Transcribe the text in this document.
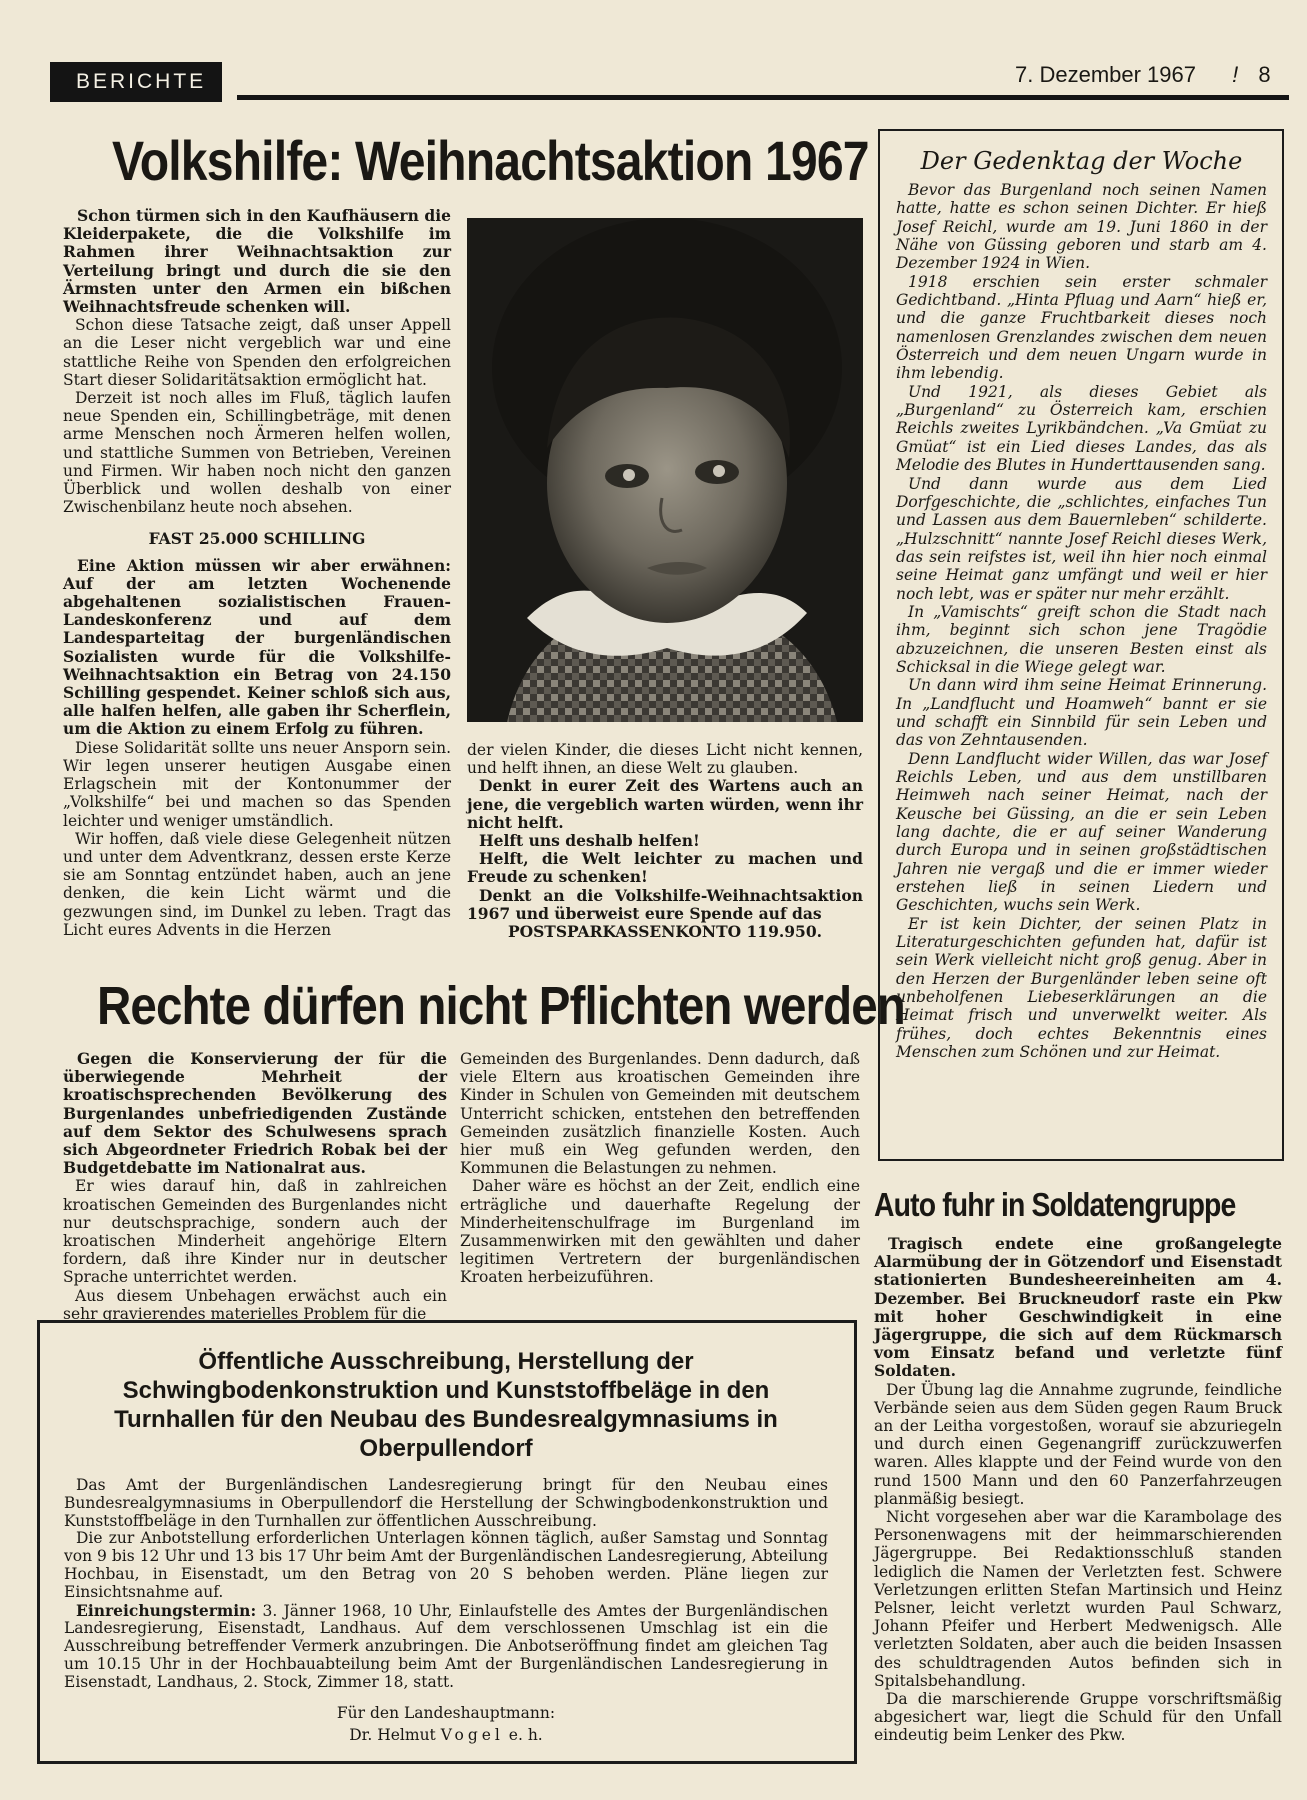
BERICHTE	7. Dezember 1967 ! 8
Volkshilfe: Weihnachtsaktion 1967

Schon türmen sich in den Kaufhäusern die Kleiderpakete, die die Volkshilfe im Rahmen ihrer Weihnachtsaktion zur Verteilung bringt und durch die sie den Ärmsten unter den Armen ein bißchen Weihnachtsfreude schenken will.

Schon diese Tatsache zeigt, daß unser Appell an die Leser nicht vergeblich war und eine stattliche Reihe von Spenden den erfolgreichen Start dieser Solidaritätsaktion ermöglicht hat.

Derzeit ist noch alles im Fluß, täglich laufen neue Spenden ein, Schillingbeträge, mit denen arme Menschen noch Ärmeren helfen wollen, und stattliche Summen von Betrieben, Vereinen und Firmen. Wir haben noch nicht den ganzen Überblick und wollen deshalb von einer Zwischenbilanz heute noch absehen.

FAST 25.000 SCHILLING

Eine Aktion müssen wir aber erwähnen: Auf der am letzten Wochenende abgehaltenen sozialistischen Frauen-Landeskonferenz und auf dem Landesparteitag der burgenländischen Sozialisten wurde für die Volkshilfe-Weihnachtsaktion ein Betrag von 24.150 Schilling gespendet. Keiner schloß sich aus, alle halfen helfen, alle gaben ihr Scherflein, um die Aktion zu einem Erfolg zu führen.

Diese Solidarität sollte uns neuer Ansporn sein. Wir legen unserer heutigen Ausgabe einen Erlagschein mit der Kontonummer der „Volkshilfe“ bei und machen so das Spenden leichter und weniger umständlich.

Wir hoffen, daß viele diese Gelegenheit nützen und unter dem Adventkranz, dessen erste Kerze sie am Sonntag entzündet haben, auch an jene denken, die kein Licht wärmt und die gezwungen sind, im Dunkel zu leben. Tragt das Licht eures Advents in die Herzen

der vielen Kinder, die dieses Licht nicht kennen, und helft ihnen, an diese Welt zu glauben.

Denkt in eurer Zeit des Wartens auch an jene, die vergeblich warten würden, wenn ihr nicht helft.

Helft uns deshalb helfen!

Helft, die Welt leichter zu machen und Freude zu schenken!

Denkt an die Volkshilfe-Weihnachtsaktion 1967 und überweist eure Spende auf das

POSTSPARKASSENKONTO 119.950.

Der Gedenktag der Woche

Bevor das Burgenland noch seinen Namen hatte, hatte es schon seinen Dichter. Er hieß Josef Reichl, wurde am 19. Juni 1860 in der Nähe von Güssing geboren und starb am 4. Dezember 1924 in Wien.

1918 erschien sein erster schmaler Gedichtband. „Hinta Pfluag und Aarn“ hieß er, und die ganze Fruchtbarkeit dieses noch namenlosen Grenzlandes zwischen dem neuen Österreich und dem neuen Ungarn wurde in ihm lebendig.

Und 1921, als dieses Gebiet als „Burgenland“ zu Österreich kam, erschien Reichls zweites Lyrikbändchen. „Va Gmüat zu Gmüat“ ist ein Lied dieses Landes, das als Melodie des Blutes in Hunderttausenden sang.

Und dann wurde aus dem Lied Dorfgeschichte, die „schlichtes, einfaches Tun und Lassen aus dem Bauernleben“ schilderte. „Hulzschnitt“ nannte Josef Reichl dieses Werk, das sein reifstes ist, weil ihn hier noch einmal seine Heimat ganz umfängt und weil er hier noch lebt, was er später nur mehr erzählt.

In „Vamischts“ greift schon die Stadt nach ihm, beginnt sich schon jene Tragödie abzuzeichnen, die unseren Besten einst als Schicksal in die Wiege gelegt war.

Un dann wird ihm seine Heimat Erinnerung. In „Landflucht und Hoamweh“ bannt er sie und schafft ein Sinnbild für sein Leben und das von Zehntausenden.

Denn Landflucht wider Willen, das war Josef Reichls Leben, und aus dem unstillbaren Heimweh nach seiner Heimat, nach der Keusche bei Güssing, an die er sein Leben lang dachte, die er auf seiner Wanderung durch Europa und in seinen großstädtischen Jahren nie vergaß und die er immer wieder erstehen ließ in seinen Liedern und Geschichten, wuchs sein Werk.

Er ist kein Dichter, der seinen Platz in Literaturgeschichten gefunden hat, dafür ist sein Werk vielleicht nicht groß genug. Aber in den Herzen der Burgenländer leben seine oft unbeholfenen Liebeserklärungen an die Heimat frisch und unverwelkt weiter. Als frühes, doch echtes Bekenntnis eines Menschen zum Schönen und zur Heimat.

Rechte dürfen nicht Pflichten werden

Gegen die Konservierung der für die überwiegende Mehrheit der kroatischsprechenden Bevölkerung des Burgenlandes unbefriedigenden Zustände auf dem Sektor des Schulwesens sprach sich Abgeordneter Friedrich Robak bei der Budgetdebatte im Nationalrat aus.

Er wies darauf hin, daß in zahlreichen kroatischen Gemeinden des Burgenlandes nicht nur deutschsprachige, sondern auch der kroatischen Minderheit angehörige Eltern fordern, daß ihre Kinder nur in deutscher Sprache unterrichtet werden.

Aus diesem Unbehagen erwächst auch ein sehr gravierendes materielles Problem für die

Gemeinden des Burgenlandes. Denn dadurch, daß viele Eltern aus kroatischen Gemeinden ihre Kinder in Schulen von Gemeinden mit deutschem Unterricht schicken, entstehen den betreffenden Gemeinden zusätzlich finanzielle Kosten. Auch hier muß ein Weg gefunden werden, den Kommunen die Belastungen zu nehmen.

Daher wäre es höchst an der Zeit, endlich eine erträgliche und dauerhafte Regelung der Minderheitenschulfrage im Burgenland im Zusammenwirken mit den gewählten und daher legitimen Vertretern der burgenländischen Kroaten herbeizuführen.

Auto fuhr in Soldatengruppe

Tragisch endete eine großangelegte Alarmübung der in Götzendorf und Eisenstadt stationierten Bundesheereinheiten am 4. Dezember. Bei Bruckneudorf raste ein Pkw mit hoher Geschwindigkeit in eine Jägergruppe, die sich auf dem Rückmarsch vom Einsatz befand und verletzte fünf Soldaten.

Der Übung lag die Annahme zugrunde, feindliche Verbände seien aus dem Süden gegen Raum Bruck an der Leitha vorgestoßen, worauf sie abzuriegeln und durch einen Gegenangriff zurückzuwerfen waren. Alles klappte und der Feind wurde von den rund 1500 Mann und den 60 Panzerfahrzeugen planmäßig besiegt.

Nicht vorgesehen aber war die Karambolage des Personenwagens mit der heimmarschierenden Jägergruppe. Bei Redaktionsschluß standen lediglich die Namen der Verletzten fest. Schwere Verletzungen erlitten Stefan Martinsich und Heinz Pelsner, leicht verletzt wurden Paul Schwarz, Johann Pfeifer und Herbert Medwenigsch. Alle verletzten Soldaten, aber auch die beiden Insassen des schuldtragenden Autos befinden sich in Spitalsbehandlung.

Da die marschierende Gruppe vorschriftsmäßig abgesichert war, liegt die Schuld für den Unfall eindeutig beim Lenker des Pkw.

Öffentliche Ausschreibung, Herstellung der Schwingbodenkonstruktion und Kunststoffbeläge in den Turnhallen für den Neubau des Bundesrealgymnasiums in Oberpullendorf

Das Amt der Burgenländischen Landesregierung bringt für den Neubau eines Bundesrealgymnasiums in Oberpullendorf die Herstellung der Schwingbodenkonstruktion und Kunststoffbeläge in den Turnhallen zur öffentlichen Ausschreibung.

Die zur Anbotstellung erforderlichen Unterlagen können täglich, außer Samstag und Sonntag von 9 bis 12 Uhr und 13 bis 17 Uhr beim Amt der Burgenländischen Landesregierung, Abteilung Hochbau, in Eisenstadt, um den Betrag von 20 S behoben werden. Pläne liegen zur Einsichtsnahme auf.

Einreichungstermin: 3. Jänner 1968, 10 Uhr, Einlaufstelle des Amtes der Burgenländischen Landesregierung, Eisenstadt, Landhaus. Auf dem verschlossenen Umschlag ist ein die Ausschreibung betreffender Vermerk anzubringen. Die Anbotseröffnung findet am gleichen Tag um 10.15 Uhr in der Hochbauabteilung beim Amt der Burgenländischen Landesregierung in Eisenstadt, Landhaus, 2. Stock, Zimmer 18, statt.

Für den Landeshauptmann:
Dr. Helmut Vogel e. h.
